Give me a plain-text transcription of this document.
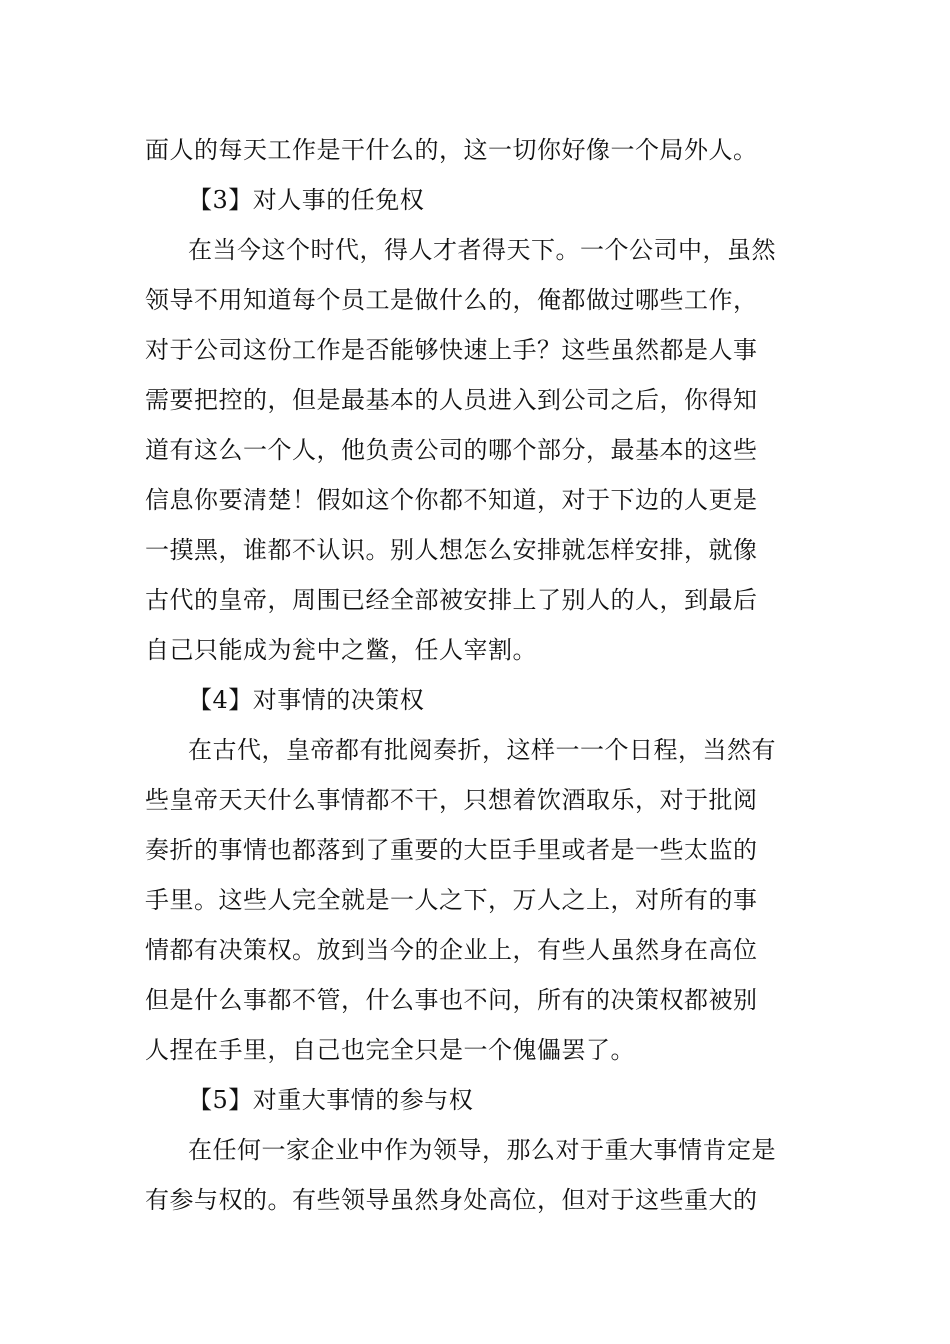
面人的每天工作是干什么的，这一切你好像一个局外人。
【3】对人事的任免权
在当今这个时代，得人才者得天下。一个公司中，虽然
领导不用知道每个员工是做什么的，俺都做过哪些工作，
对于公司这份工作是否能够快速上手？这些虽然都是人事
需要把控的，但是最基本的人员进入到公司之后，你得知
道有这么一个人，他负责公司的哪个部分，最基本的这些
信息你要清楚！假如这个你都不知道，对于下边的人更是
一摸黑，谁都不认识。别人想怎么安排就怎样安排，就像
古代的皇帝，周围已经全部被安排上了别人的人，到最后
自己只能成为瓮中之鳖，任人宰割。
【4】对事情的决策权
在古代，皇帝都有批阅奏折，这样一一个日程，当然有
些皇帝天天什么事情都不干，只想着饮酒取乐，对于批阅
奏折的事情也都落到了重要的大臣手里或者是一些太监的
手里。这些人完全就是一人之下，万人之上，对所有的事
情都有决策权。放到当今的企业上，有些人虽然身在高位
但是什么事都不管，什么事也不问，所有的决策权都被别
人捏在手里，自己也完全只是一个傀儡罢了。
【5】对重大事情的参与权
在任何一家企业中作为领导，那么对于重大事情肯定是
有参与权的。有些领导虽然身处高位，但对于这些重大的
